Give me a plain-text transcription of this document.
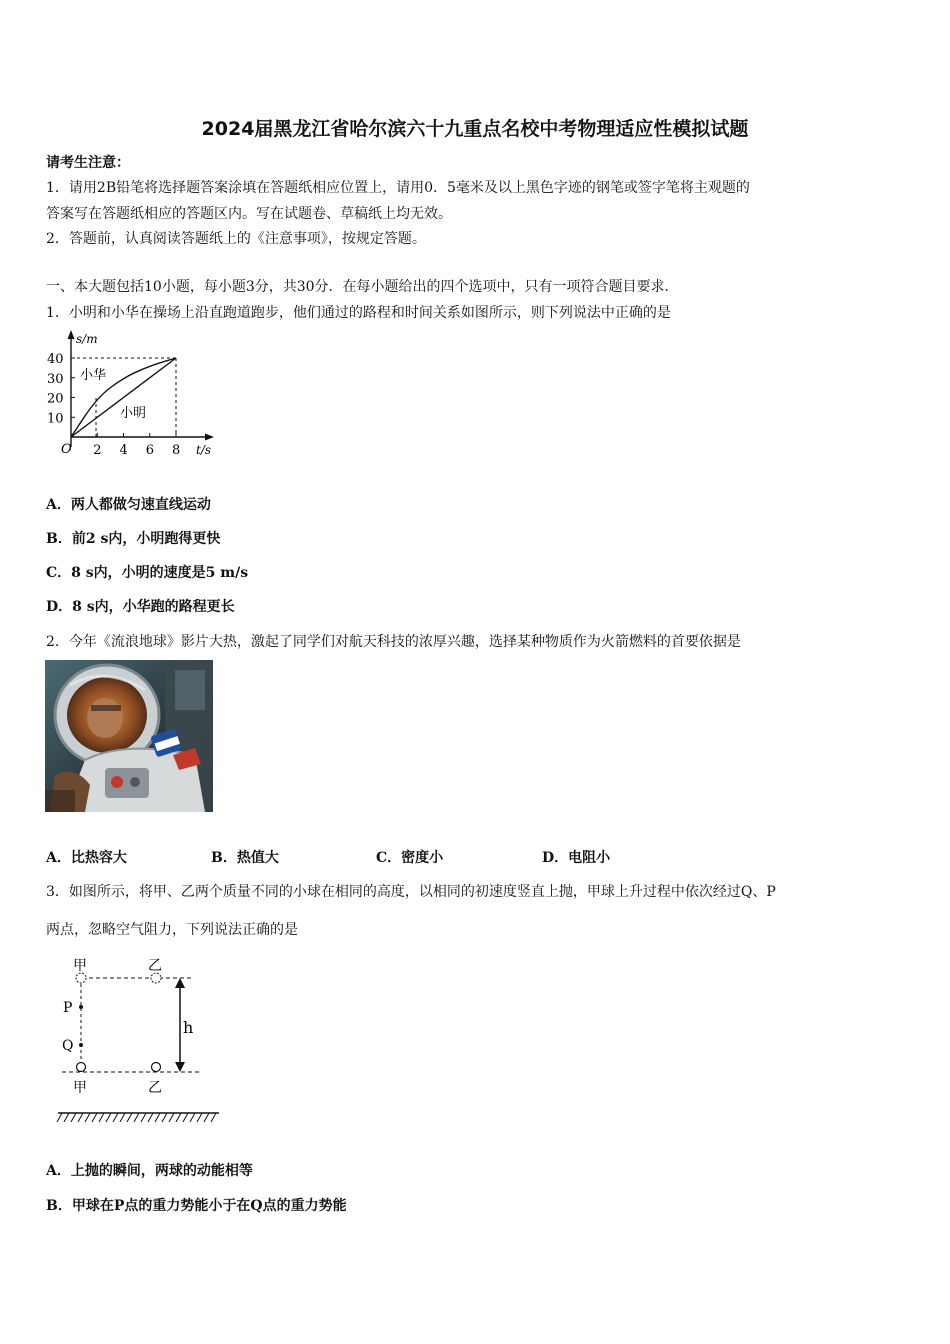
2024届黑龙江省哈尔滨六十九重点名校中考物理适应性模拟试题
请考生注意：
1．请用2B铅笔将选择题答案涂填在答题纸相应位置上，请用0．5毫米及以上黑色字迹的钢笔或签字笔将主观题的
答案写在答题纸相应的答题区内。写在试题卷、草稿纸上均无效。
2．答题前，认真阅读答题纸上的《注意事项》，按规定答题。
一、本大题包括10小题，每小题3分，共30分．在每小题给出的四个选项中，只有一项符合题目要求．
1．小明和小华在操场上沿直跑道跑步，他们通过的路程和时间关系如图所示，则下列说法中正确的是
10
20
30
40
2 4 6 8
O
s/m
t/s
小华
小明
A．两人都做匀速直线运动
B．前2 s内，小明跑得更快
C．8 s内，小明的速度是5 m/s
D．8 s内，小华跑的路程更长
2．今年《流浪地球》影片大热，激起了同学们对航天科技的浓厚兴趣，选择某种物质作为火箭燃料的首要依据是
A．比热容大	B．热值大	C．密度小	D．电阻小
3．如图所示，将甲、乙两个质量不同的小球在相同的高度，以相同的初速度竖直上抛，甲球上升过程中依次经过Q、P
两点，忽略空气阻力，下列说法正确的是
甲	乙
甲	乙
P
Q
h
A．上抛的瞬间，两球的动能相等
B．甲球在P点的重力势能小于在Q点的重力势能
